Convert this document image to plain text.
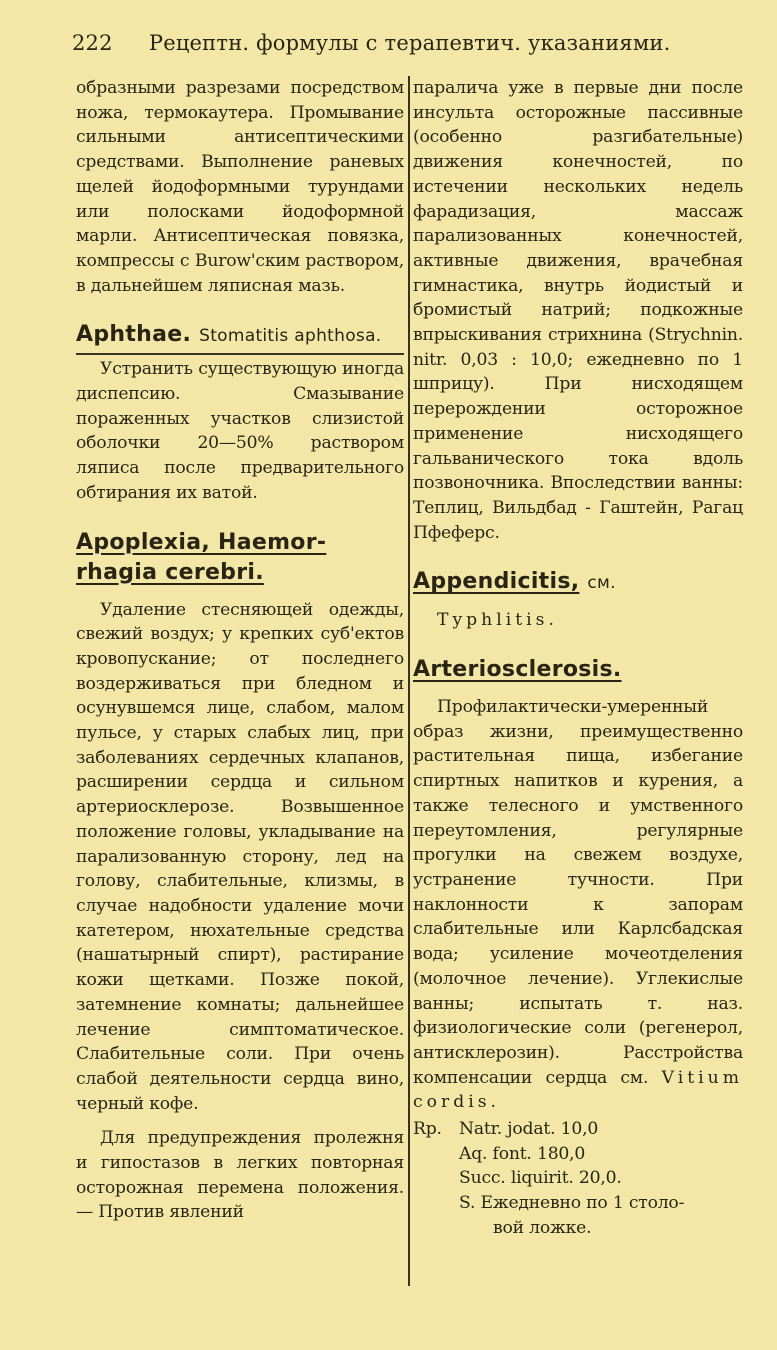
222 Рецептн. формулы с терапевтич. указаниями.

образными разрезами посредством ножа, термокаутера. Промывание сильными антисептическими средствами. Выполнение раневых щелей йодоформными турундами или полосками йодоформной марли. Антисептическая повязка, компрессы с Burow'ским раствором, в дальнейшем ляписная мазь.

Aphthae. Stomatitis aphthosa.

Устранить существующую иногда диспепсию. Смазывание пораженных участков слизистой оболочки 20—50% раствором ляписа после предварительного обтирания их ватой.

Apoplexia, Haemor-
rhagia cerebri.

Удаление стесняющей одежды, свежий воздух; у крепких суб'ектов кровопускание; от последнего воздерживаться при бледном и осунувшемся лице, слабом, малом пульсе, у старых слабых лиц, при заболеваниях сердечных клапанов, расширении сердца и сильном артериосклерозе. Возвышенное положение головы, укладывание на парализованную сторону, лед на голову, слабительные, клизмы, в случае надобности удаление мочи катетером, нюхательные средства (нашатырный спирт), растирание кожи щетками. Позже покой, затемнение комнаты; дальнейшее лечение симптоматическое. Слабительные соли. При очень слабой деятельности сердца вино, черный кофе.

Для предупреждения пролежня и гипостазов в легких повторная осторожная перемена положения. — Против явлений

паралича уже в первые дни после инсульта осторожные пассивные (особенно разгибательные) движения конечностей, по истечении нескольких недель фарадизация, массаж парализованных конечностей, активные движения, врачебная гимнастика, внутрь йодистый и бромистый натрий; подкожные впрыскивания стрихнина (Strychnin. nitr. 0,03 : 10,0; ежедневно по 1 шприцу). При нисходящем перерождении осторожное применение нисходящего гальванического тока вдоль позвоночника. Впоследствии ванны: Теплиц, Вильдбад - Гаштейн, Рагац Пфеферс.

Appendicitis, см.

Typhlitis.

Arteriosclerosis.

Профилактически-умеренный образ жизни, преимущественно растительная пища, избегание спиртных напитков и курения, а также телесного и умственного переутомления, регулярные прогулки на свежем воздухе, устранение тучности. При наклонности к запорам слабительные или Карлсбадская вода; усиление мочеотделения (молочное лечение). Углекислые ванны; испытать т. наз. физиологические соли (регенерол, антисклерозин). Расстройства компенсации сердца см. Vitium cordis.

Rp. Natr. jodat. 10,0
Aq. font. 180,0
Succ. liquirit. 20,0.
S. Ежедневно по 1 столо-
вой ложке.
